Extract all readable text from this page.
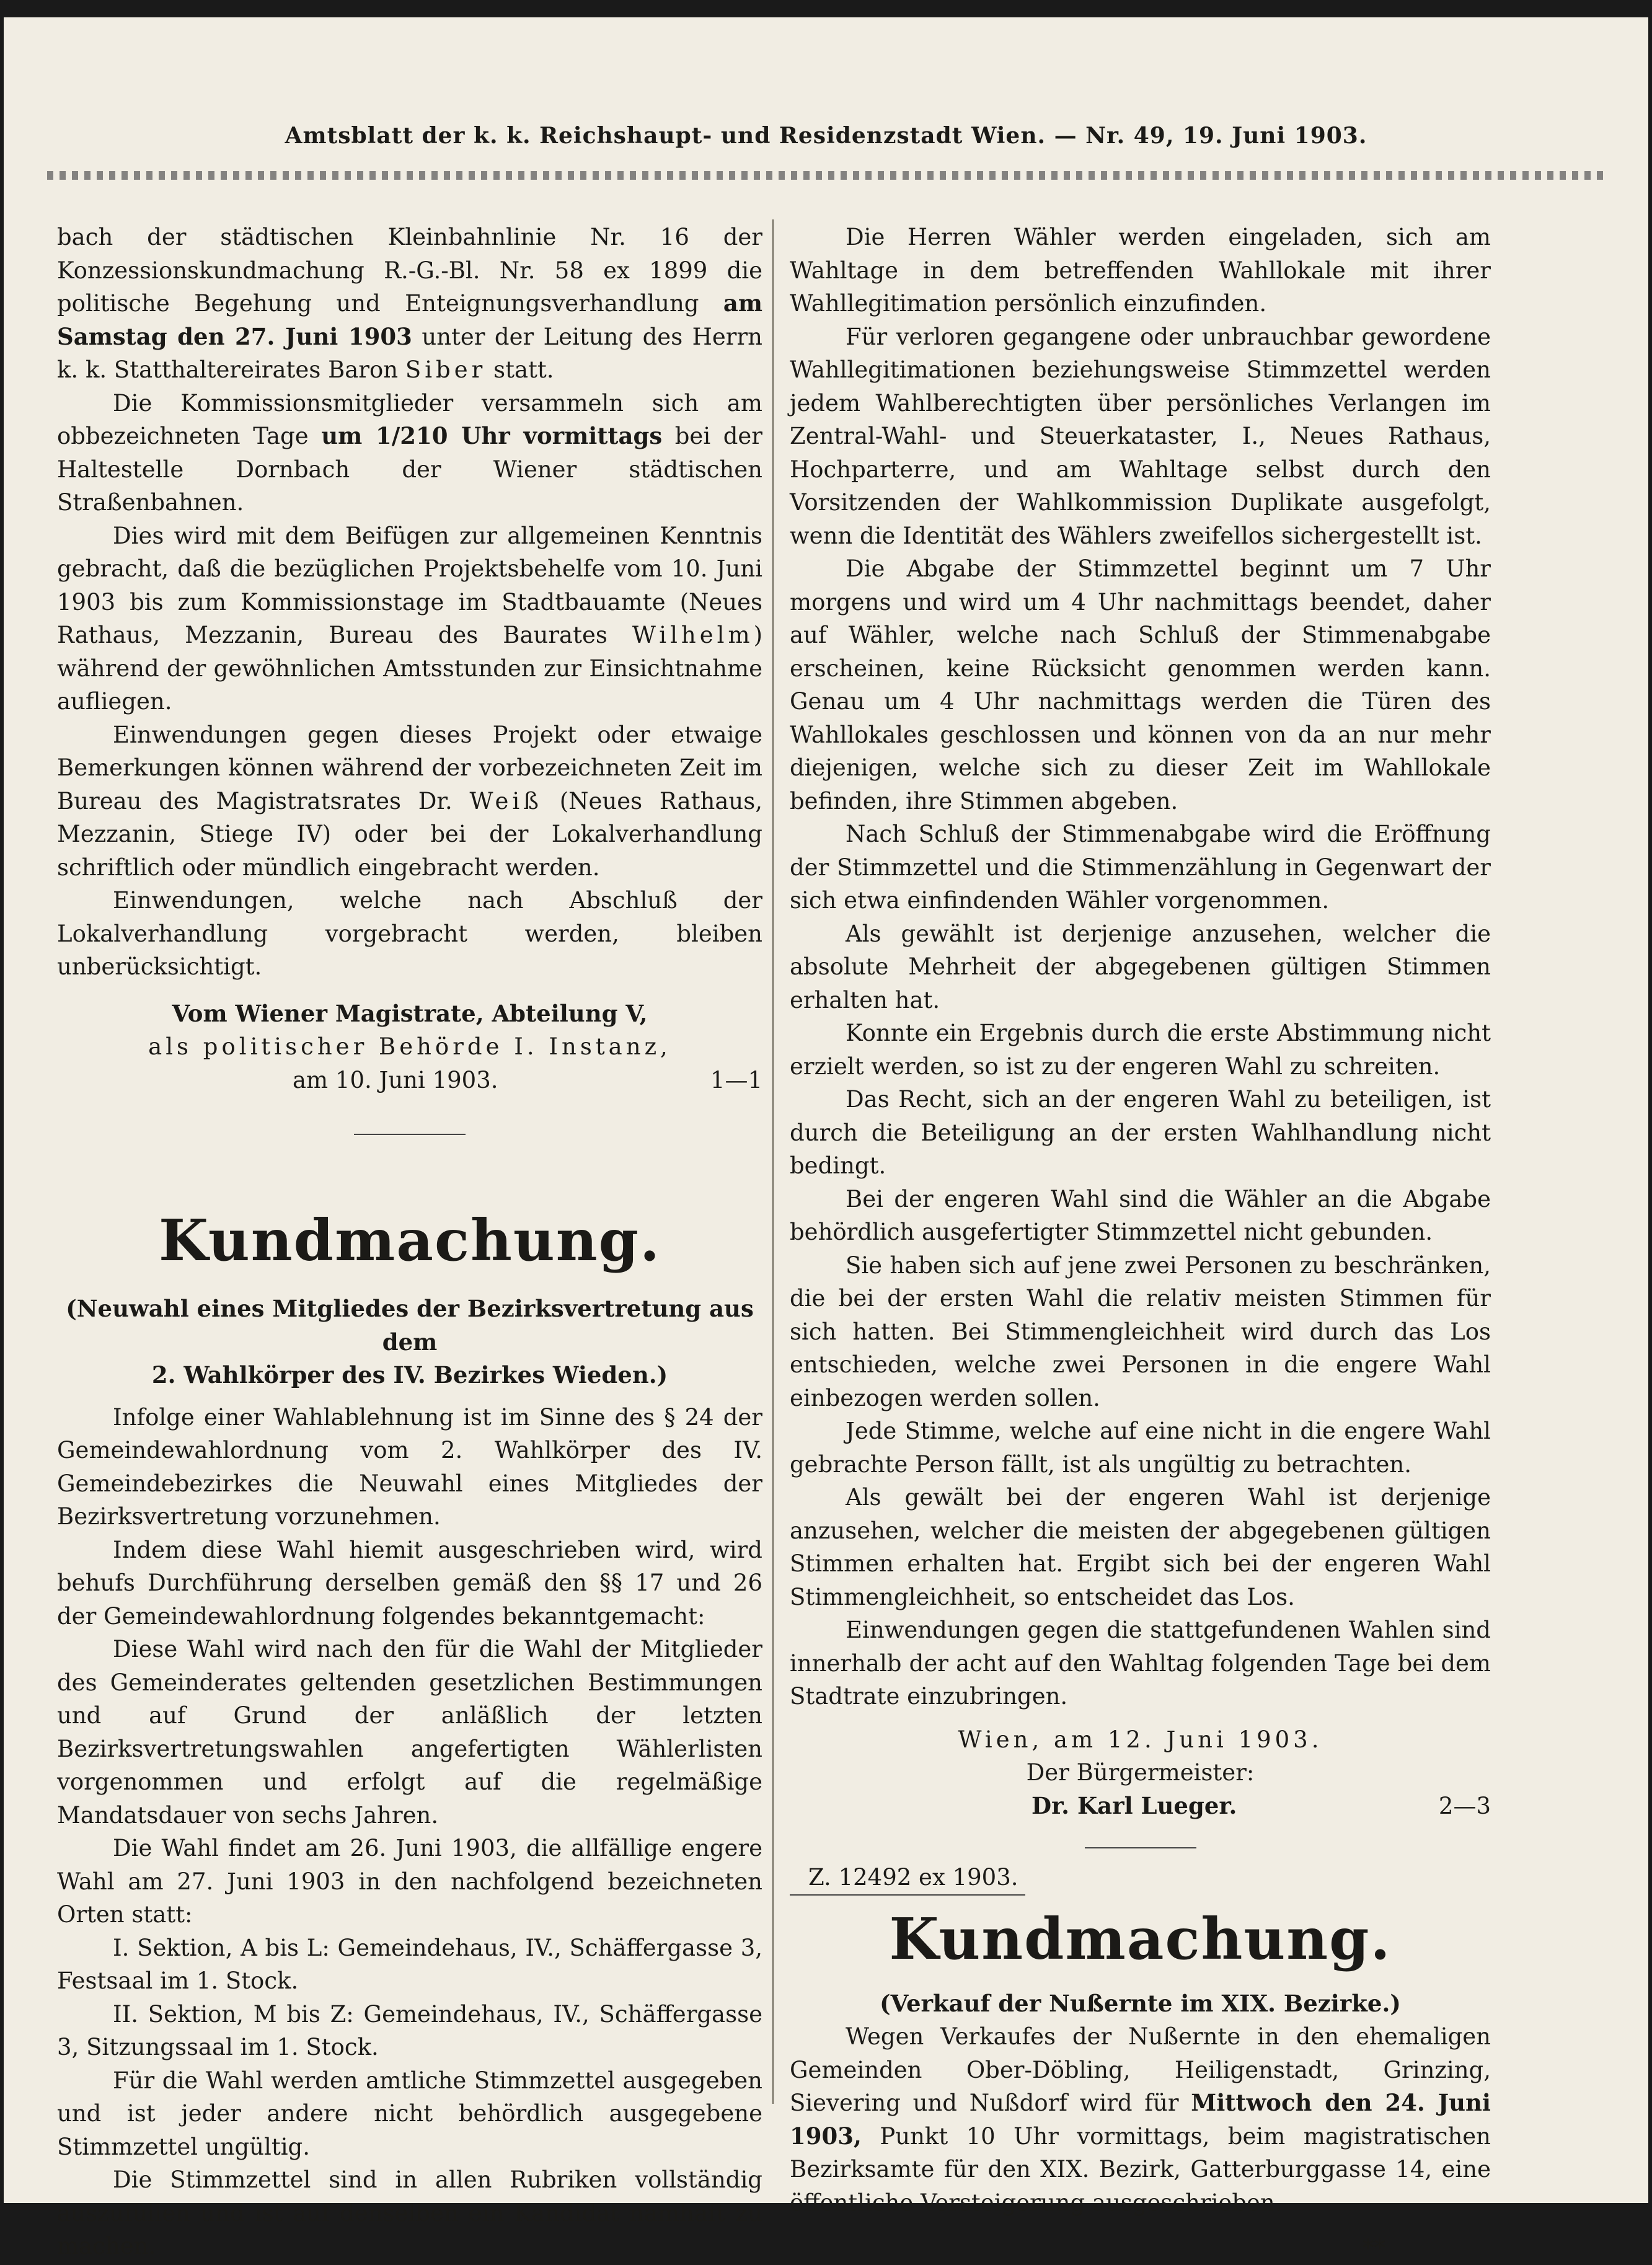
Amtsblatt der k. k. Reichshaupt- und Residenzstadt Wien. — Nr. 49, 19. Juni 1903.

bach der städtischen Kleinbahnlinie Nr. 16 der Konzessionskundmachung R.-G.-Bl. Nr. 58 ex 1899 die politische Begehung und Enteignungsverhandlung am Samstag den 27. Juni 1903 unter der Leitung des Herrn k. k. Statthaltereirates Baron Siber statt.

Die Kommissionsmitglieder versammeln sich am obbezeichneten Tage um 1/210 Uhr vormittags bei der Haltestelle Dornbach der Wiener städtischen Straßenbahnen.

Dies wird mit dem Beifügen zur allgemeinen Kenntnis gebracht, daß die bezüglichen Projektsbehelfe vom 10. Juni 1903 bis zum Kommissionstage im Stadtbauamte (Neues Rathaus, Mezzanin, Bureau des Baurates Wilhelm) während der gewöhnlichen Amtsstunden zur Einsichtnahme aufliegen.

Einwendungen gegen dieses Projekt oder etwaige Bemerkungen können während der vorbezeichneten Zeit im Bureau des Magistratsrates Dr. Weiß (Neues Rathaus, Mezzanin, Stiege IV) oder bei der Lokalverhandlung schriftlich oder mündlich eingebracht werden.

Einwendungen, welche nach Abschluß der Lokalverhandlung vorgebracht werden, bleiben unberücksichtigt.

Vom Wiener Magistrate, Abteilung V,

als politischer Behörde I. Instanz,

am 10. Juni 1903.	1—1
Kundmachung.

(Neuwahl eines Mitgliedes der Bezirksvertretung aus dem

2. Wahlkörper des IV. Bezirkes Wieden.)

Infolge einer Wahlablehnung ist im Sinne des § 24 der Gemeindewahlordnung vom 2. Wahlkörper des IV. Gemeindebezirkes die Neuwahl eines Mitgliedes der Bezirksvertretung vorzunehmen.

Indem diese Wahl hiemit ausgeschrieben wird, wird behufs Durchführung derselben gemäß den §§ 17 und 26 der Gemeindewahlordnung folgendes bekanntgemacht:

Diese Wahl wird nach den für die Wahl der Mitglieder des Gemeinderates geltenden gesetzlichen Bestimmungen und auf Grund der anläßlich der letzten Bezirksvertretungswahlen angefertigten Wählerlisten vorgenommen und erfolgt auf die regelmäßige Mandatsdauer von sechs Jahren.

Die Wahl findet am 26. Juni 1903, die allfällige engere Wahl am 27. Juni 1903 in den nachfolgend bezeichneten Orten statt:

I. Sektion, A bis L: Gemeindehaus, IV., Schäffergasse 3, Festsaal im 1. Stock.

II. Sektion, M bis Z: Gemeindehaus, IV., Schäffergasse 3, Sitzungssaal im 1. Stock.

Für die Wahl werden amtliche Stimmzettel ausgegeben und ist jeder andere nicht behördlich ausgegebene Stimmzettel ungültig.

Die Stimmzettel sind in allen Rubriken vollständig auszufüllen und ist auf denselben ein Kandidat namhaft zu machen.

Die Herren Wähler werden eingeladen, sich am Wahltage in dem betreffenden Wahllokale mit ihrer Wahllegitimation persönlich einzufinden.

Für verloren gegangene oder unbrauchbar gewordene Wahllegitimationen beziehungsweise Stimmzettel werden jedem Wahlberechtigten über persönliches Verlangen im Zentral-Wahl- und Steuerkataster, I., Neues Rathaus, Hochparterre, und am Wahltage selbst durch den Vorsitzenden der Wahlkommission Duplikate ausgefolgt, wenn die Identität des Wählers zweifellos sichergestellt ist.

Die Abgabe der Stimmzettel beginnt um 7 Uhr morgens und wird um 4 Uhr nachmittags beendet, daher auf Wähler, welche nach Schluß der Stimmenabgabe erscheinen, keine Rücksicht genommen werden kann. Genau um 4 Uhr nachmittags werden die Türen des Wahllokales geschlossen und können von da an nur mehr diejenigen, welche sich zu dieser Zeit im Wahllokale befinden, ihre Stimmen abgeben.

Nach Schluß der Stimmenabgabe wird die Eröffnung der Stimmzettel und die Stimmenzählung in Gegenwart der sich etwa einfindenden Wähler vorgenommen.

Als gewählt ist derjenige anzusehen, welcher die absolute Mehrheit der abgegebenen gültigen Stimmen erhalten hat.

Konnte ein Ergebnis durch die erste Abstimmung nicht erzielt werden, so ist zu der engeren Wahl zu schreiten.

Das Recht, sich an der engeren Wahl zu beteiligen, ist durch die Beteiligung an der ersten Wahlhandlung nicht bedingt.

Bei der engeren Wahl sind die Wähler an die Abgabe behördlich ausgefertigter Stimmzettel nicht gebunden.

Sie haben sich auf jene zwei Personen zu beschränken, die bei der ersten Wahl die relativ meisten Stimmen für sich hatten. Bei Stimmengleichheit wird durch das Los entschieden, welche zwei Personen in die engere Wahl einbezogen werden sollen.

Jede Stimme, welche auf eine nicht in die engere Wahl gebrachte Person fällt, ist als ungültig zu betrachten.

Als gewält bei der engeren Wahl ist derjenige anzusehen, welcher die meisten der abgegebenen gültigen Stimmen erhalten hat. Ergibt sich bei der engeren Wahl Stimmengleichheit, so entscheidet das Los.

Einwendungen gegen die stattgefundenen Wahlen sind innerhalb der acht auf den Wahltag folgenden Tage bei dem Stadtrate einzubringen.

Wien, am 12. Juni 1903.

Der Bürgermeister:

Dr. Karl Lueger.	2—3
Z. 12492 ex 1903.
Kundmachung.

(Verkauf der Nußernte im XIX. Bezirke.)

Wegen Verkaufes der Nußernte in den ehemaligen Gemeinden Ober-Döbling, Heiligenstadt, Grinzing, Sievering und Nußdorf wird für Mittwoch den 24. Juni 1903, Punkt 10 Uhr vormittags, beim magistratischen Bezirksamte für den XIX. Bezirk, Gatterburggasse 14, eine öffentliche Versteigerung ausgeschrieben.

**
